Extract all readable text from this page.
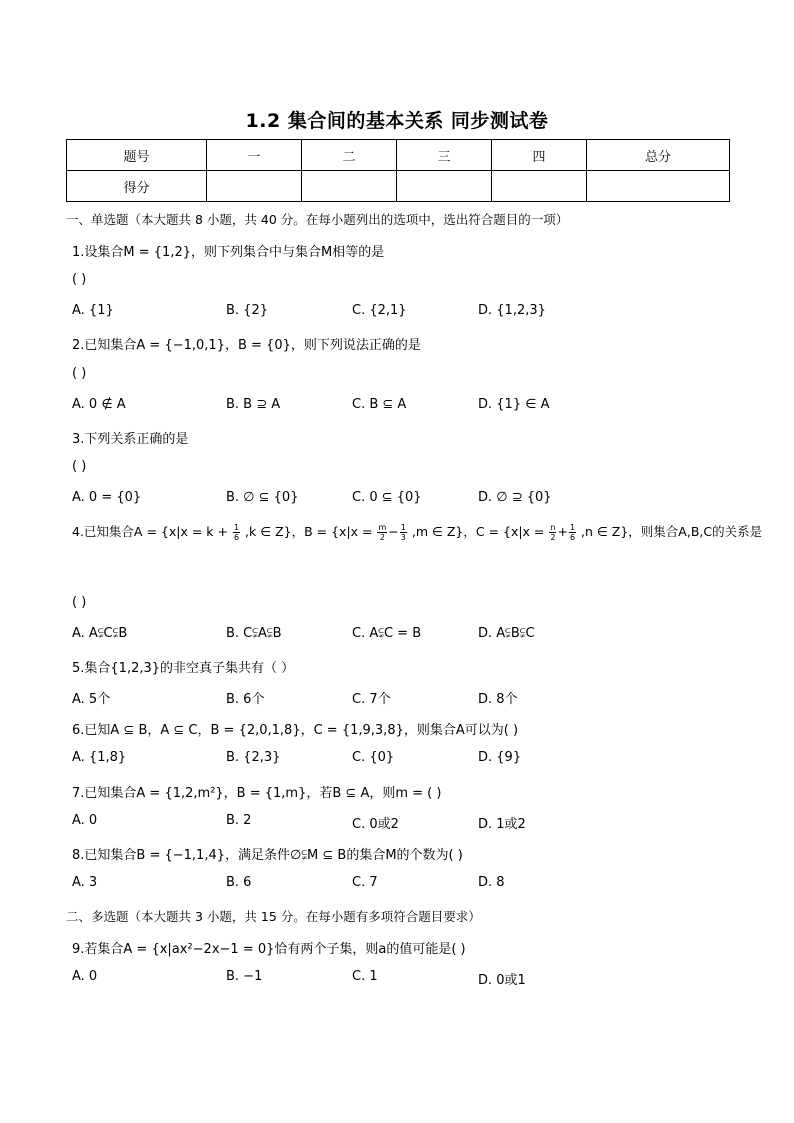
1.2 集合间的基本关系 同步测试卷
题号	一	二	三	四	总分
得分					
一、单选题（本大题共 8 小题，共 40 分。在每小题列出的选项中，选出符合题目的一项）
1.设集合M = {1,2}，则下列集合中与集合M相等的是
( )
A. {1}	B. {2}	C. {2,1}	D. {1,2,3}
2.已知集合A = {−1,0,1}，B = {0}，则下列说法正确的是
( )
A. 0 ∉ A	B. B ⊇ A	C. B ⊆ A	D. {1} ∈ A
3.下列关系正确的是
( )
A. 0 = {0}	B. ∅ ⊆ {0}	C. 0 ⊆ {0}	D. ∅ ⊇ {0}
4.已知集合$A = \{x|x = k + \frac{1}{6} ,k$ ∈ Z}，$B = \{x|x = \frac{m}{2} - \frac{1}{3} ,m$ ∈ Z}，$C = \{x|x = \frac{n}{2} + \frac{1}{6} ,n$ ∈ Z}，则集合A,B,C的关系是
( )
A. A⫋C⫋B	B. C⫋A⫋B	C. A⫋C = B	D. A⫋B⫋C
5.集合{1,2,3}的非空真子集共有（ ）
A. 5个	B. 6个	C. 7个	D. 8个
6.已知A ⊆ B，A ⊆ C，B = {2,0,1,8}，C = {1,9,3,8}，则集合A可以为( )
A. {1,8}	B. {2,3}	C. {0}	D. {9}
7.已知集合A = {1,2,m²}，B = {1,m}，若B ⊆ A，则m = ( )
A. 0	B. 2	C. 0或2	D. 1或2
8.已知集合B = {−1,1,4}，满足条件∅⫋M ⊆ B的集合M的个数为( )
A. 3	B. 6	C. 7	D. 8
二、多选题（本大题共 3 小题，共 15 分。在每小题有多项符合题目要求）
9.若集合A = {x|ax²−2x−1 = 0}恰有两个子集，则a的值可能是( )
A. 0	B. −1	C. 1	D. 0或1
